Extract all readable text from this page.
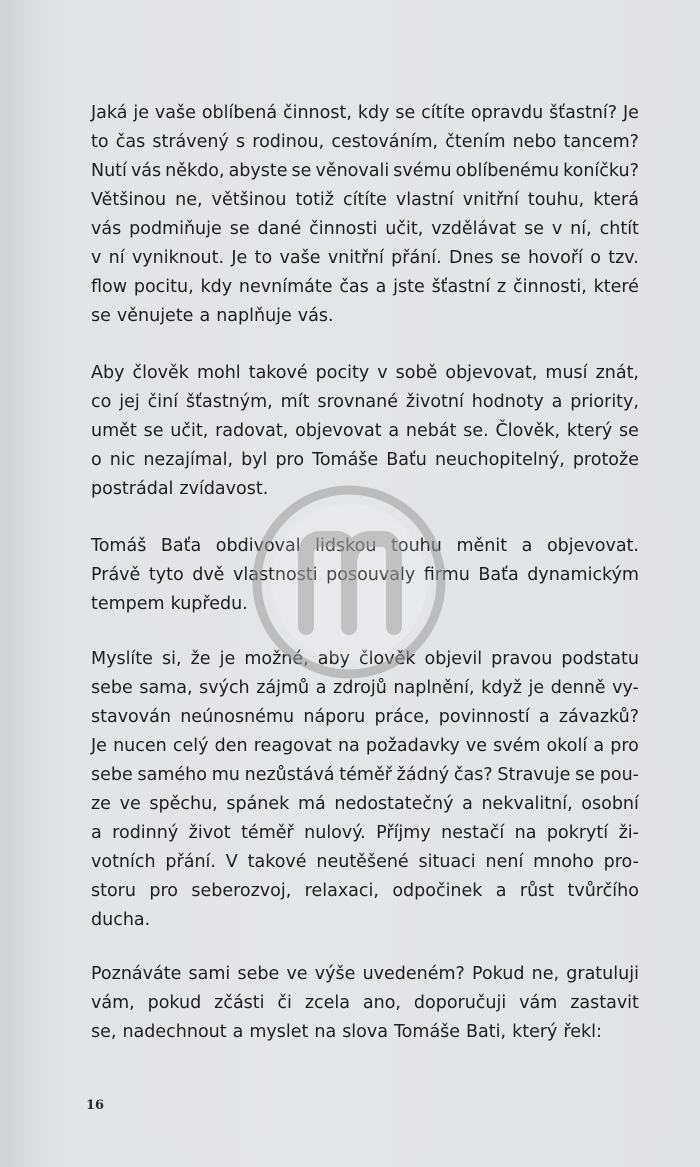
Jaká je vaše oblíbená činnost, kdy se cítíte opravdu šťastní? Je
to čas strávený s rodinou, cestováním, čtením nebo tancem?
Nutí vás někdo, abyste se věnovali svému oblíbenému koníčku?
Většinou ne, většinou totiž cítíte vlastní vnitřní touhu, která
vás podmiňuje se dané činnosti učit, vzdělávat se v ní, chtít
v ní vyniknout. Je to vaše vnitřní přání. Dnes se hovoří o tzv.
flow pocitu, kdy nevnímáte čas a jste šťastní z činnosti, které
se věnujete a naplňuje vás.
Aby člověk mohl takové pocity v sobě objevovat, musí znát,
co jej činí šťastným, mít srovnané životní hodnoty a priority,
umět se učit, radovat, objevovat a nebát se. Člověk, který se
o nic nezajímal, byl pro Tomáše Baťu neuchopitelný, protože
postrádal zvídavost.
Tomáš Baťa obdivoval lidskou touhu měnit a objevovat.
Právě tyto dvě vlastnosti posouvaly firmu Baťa dynamickým
tempem kupředu.
Myslíte si, že je možné, aby člověk objevil pravou podstatu
sebe sama, svých zájmů a zdrojů naplnění, když je denně vy-
stavován neúnosnému náporu práce, povinností a závazků?
Je nucen celý den reagovat na požadavky ve svém okolí a pro
sebe samého mu nezůstává téměř žádný čas? Stravuje se pou-
ze ve spěchu, spánek má nedostatečný a nekvalitní, osobní
a rodinný život téměř nulový. Příjmy nestačí na pokrytí ži-
votních přání. V takové neutěšené situaci není mnoho pro-
storu pro seberozvoj, relaxaci, odpočinek a růst tvůrčího
ducha.
Poznáváte sami sebe ve výše uvedeném? Pokud ne, gratuluji
vám, pokud zčásti či zcela ano, doporučuji vám zastavit
se, nadechnout a myslet na slova Tomáše Bati, který řekl:
16
